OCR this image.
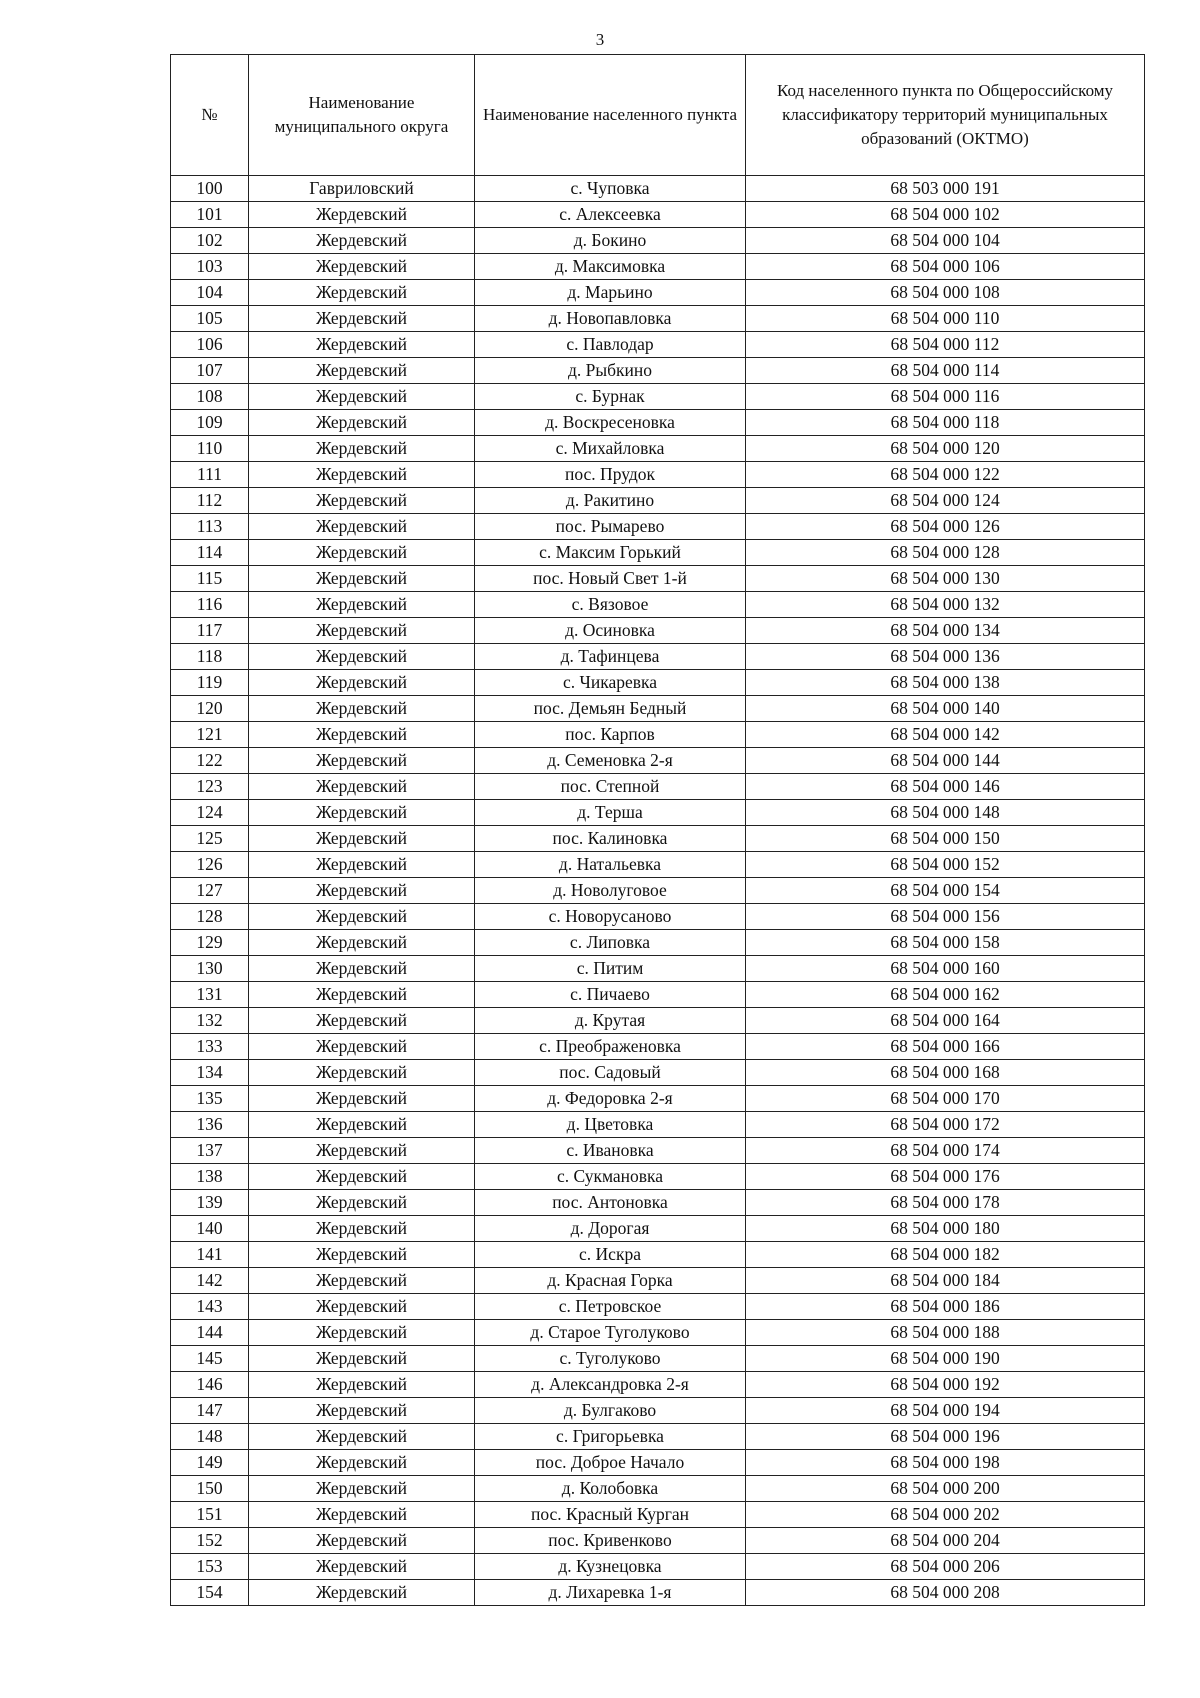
3
№	Наименование муниципального округа	Наименование населенного пункта	Код населенного пункта по Общероссийскому классификатору территорий муниципальных образований (ОКТМО)
100	Гавриловский	с. Чуповка	68 503 000 191
101	Жердевский	с. Алексеевка	68 504 000 102
102	Жердевский	д. Бокино	68 504 000 104
103	Жердевский	д. Максимовка	68 504 000 106
104	Жердевский	д. Марьино	68 504 000 108
105	Жердевский	д. Новопавловка	68 504 000 110
106	Жердевский	с. Павлодар	68 504 000 112
107	Жердевский	д. Рыбкино	68 504 000 114
108	Жердевский	с. Бурнак	68 504 000 116
109	Жердевский	д. Воскресеновка	68 504 000 118
110	Жердевский	с. Михайловка	68 504 000 120
111	Жердевский	пос. Прудок	68 504 000 122
112	Жердевский	д. Ракитино	68 504 000 124
113	Жердевский	пос. Рымарево	68 504 000 126
114	Жердевский	с. Максим Горький	68 504 000 128
115	Жердевский	пос. Новый Свет 1-й	68 504 000 130
116	Жердевский	с. Вязовое	68 504 000 132
117	Жердевский	д. Осиновка	68 504 000 134
118	Жердевский	д. Тафинцева	68 504 000 136
119	Жердевский	с. Чикаревка	68 504 000 138
120	Жердевский	пос. Демьян Бедный	68 504 000 140
121	Жердевский	пос. Карпов	68 504 000 142
122	Жердевский	д. Семеновка 2-я	68 504 000 144
123	Жердевский	пос. Степной	68 504 000 146
124	Жердевский	д. Терша	68 504 000 148
125	Жердевский	пос. Калиновка	68 504 000 150
126	Жердевский	д. Натальевка	68 504 000 152
127	Жердевский	д. Новолуговое	68 504 000 154
128	Жердевский	с. Новорусаново	68 504 000 156
129	Жердевский	с. Липовка	68 504 000 158
130	Жердевский	с. Питим	68 504 000 160
131	Жердевский	с. Пичаево	68 504 000 162
132	Жердевский	д. Крутая	68 504 000 164
133	Жердевский	с. Преображеновка	68 504 000 166
134	Жердевский	пос. Садовый	68 504 000 168
135	Жердевский	д. Федоровка 2-я	68 504 000 170
136	Жердевский	д. Цветовка	68 504 000 172
137	Жердевский	с. Ивановка	68 504 000 174
138	Жердевский	с. Сукмановка	68 504 000 176
139	Жердевский	пос. Антоновка	68 504 000 178
140	Жердевский	д. Дорогая	68 504 000 180
141	Жердевский	с. Искра	68 504 000 182
142	Жердевский	д. Красная Горка	68 504 000 184
143	Жердевский	с. Петровское	68 504 000 186
144	Жердевский	д. Старое Туголуково	68 504 000 188
145	Жердевский	с. Туголуково	68 504 000 190
146	Жердевский	д. Александровка 2-я	68 504 000 192
147	Жердевский	д. Булгаково	68 504 000 194
148	Жердевский	с. Григорьевка	68 504 000 196
149	Жердевский	пос. Доброе Начало	68 504 000 198
150	Жердевский	д. Колобовка	68 504 000 200
151	Жердевский	пос. Красный Курган	68 504 000 202
152	Жердевский	пос. Кривенково	68 504 000 204
153	Жердевский	д. Кузнецовка	68 504 000 206
154	Жердевский	д. Лихаревка 1-я	68 504 000 208
